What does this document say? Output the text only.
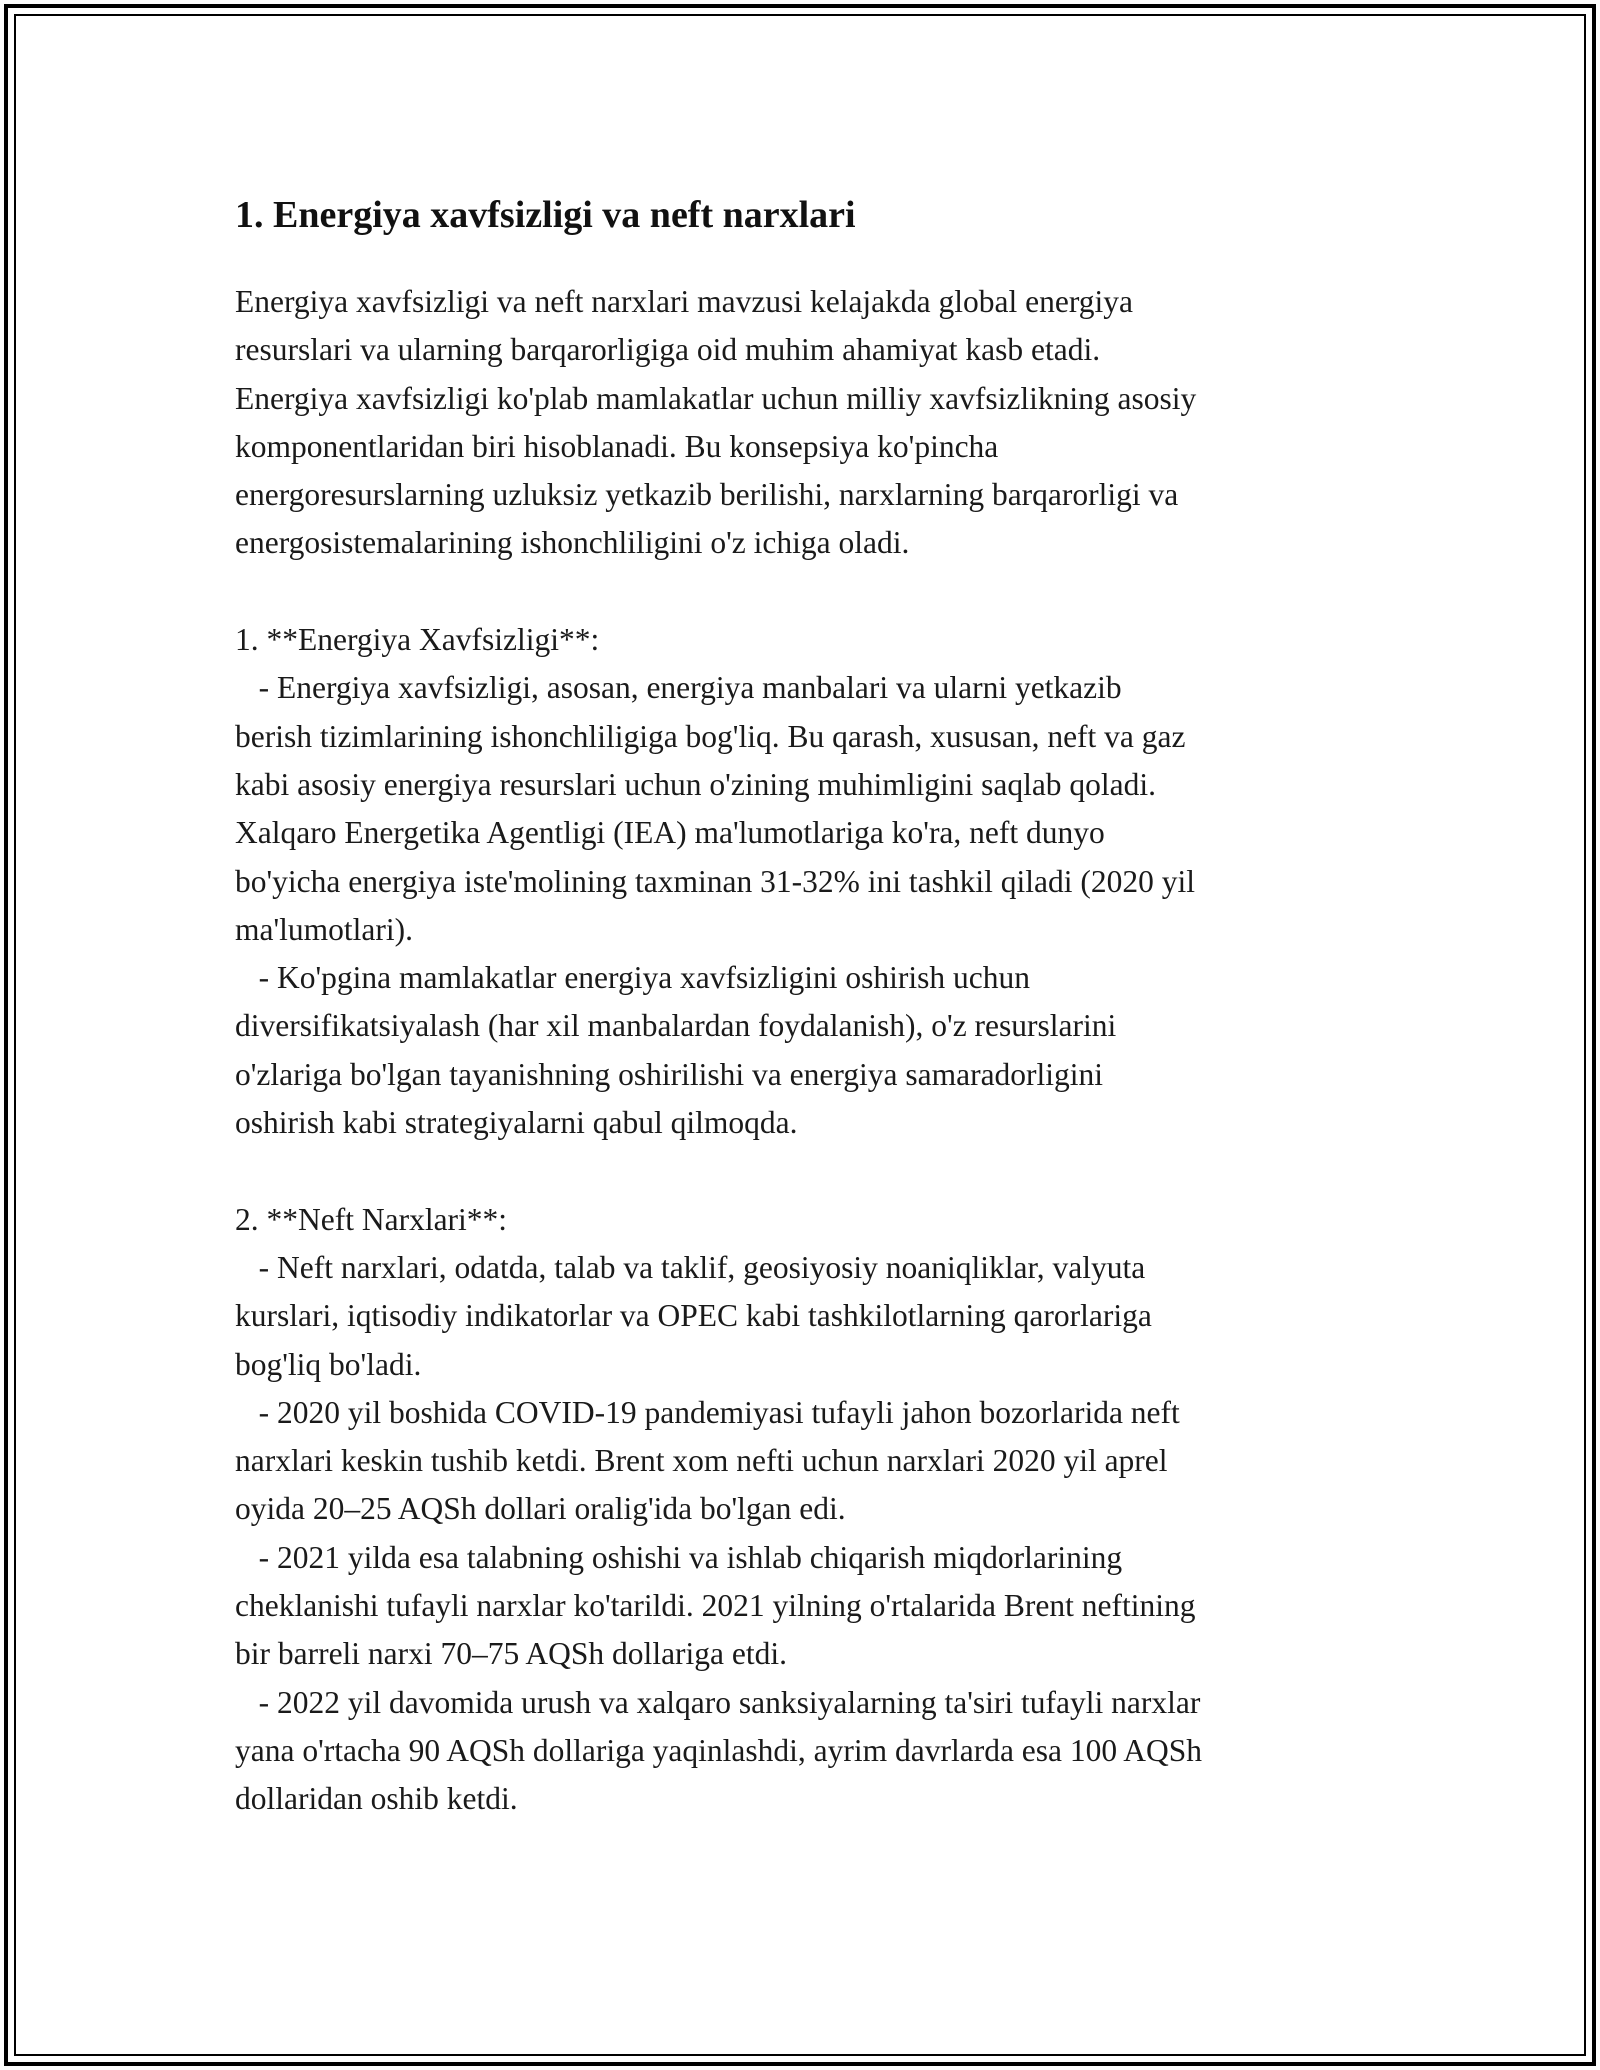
1. Energiya xavfsizligi va neft narxlari
Energiya xavfsizligi va neft narxlari mavzusi kelajakda global energiya
resurslari va ularning barqarorligiga oid muhim ahamiyat kasb etadi.
Energiya xavfsizligi ko'plab mamlakatlar uchun milliy xavfsizlikning asosiy
komponentlaridan biri hisoblanadi. Bu konsepsiya ko'pincha
energoresurslarning uzluksiz yetkazib berilishi, narxlarning barqarorligi va
energosistemalarining ishonchliligini o'z ichiga oladi.
1. **Energiya Xavfsizligi**:
- Energiya xavfsizligi, asosan, energiya manbalari va ularni yetkazib
berish tizimlarining ishonchliligiga bog'liq. Bu qarash, xususan, neft va gaz
kabi asosiy energiya resurslari uchun o'zining muhimligini saqlab qoladi.
Xalqaro Energetika Agentligi (IEA) ma'lumotlariga ko'ra, neft dunyo
bo'yicha energiya iste'molining taxminan 31-32% ini tashkil qiladi (2020 yil
ma'lumotlari).
- Ko'pgina mamlakatlar energiya xavfsizligini oshirish uchun
diversifikatsiyalash (har xil manbalardan foydalanish), o'z resurslarini
o'zlariga bo'lgan tayanishning oshirilishi va energiya samaradorligini
oshirish kabi strategiyalarni qabul qilmoqda.
2. **Neft Narxlari**:
- Neft narxlari, odatda, talab va taklif, geosiyosiy noaniqliklar, valyuta
kurslari, iqtisodiy indikatorlar va OPEC kabi tashkilotlarning qarorlariga
bog'liq bo'ladi.
- 2020 yil boshida COVID-19 pandemiyasi tufayli jahon bozorlarida neft
narxlari keskin tushib ketdi. Brent xom nefti uchun narxlari 2020 yil aprel
oyida 20–25 AQSh dollari oralig'ida bo'lgan edi.
- 2021 yilda esa talabning oshishi va ishlab chiqarish miqdorlarining
cheklanishi tufayli narxlar ko'tarildi. 2021 yilning o'rtalarida Brent neftining
bir barreli narxi 70–75 AQSh dollariga etdi.
- 2022 yil davomida urush va xalqaro sanksiyalarning ta'siri tufayli narxlar
yana o'rtacha 90 AQSh dollariga yaqinlashdi, ayrim davrlarda esa 100 AQSh
dollaridan oshib ketdi.
